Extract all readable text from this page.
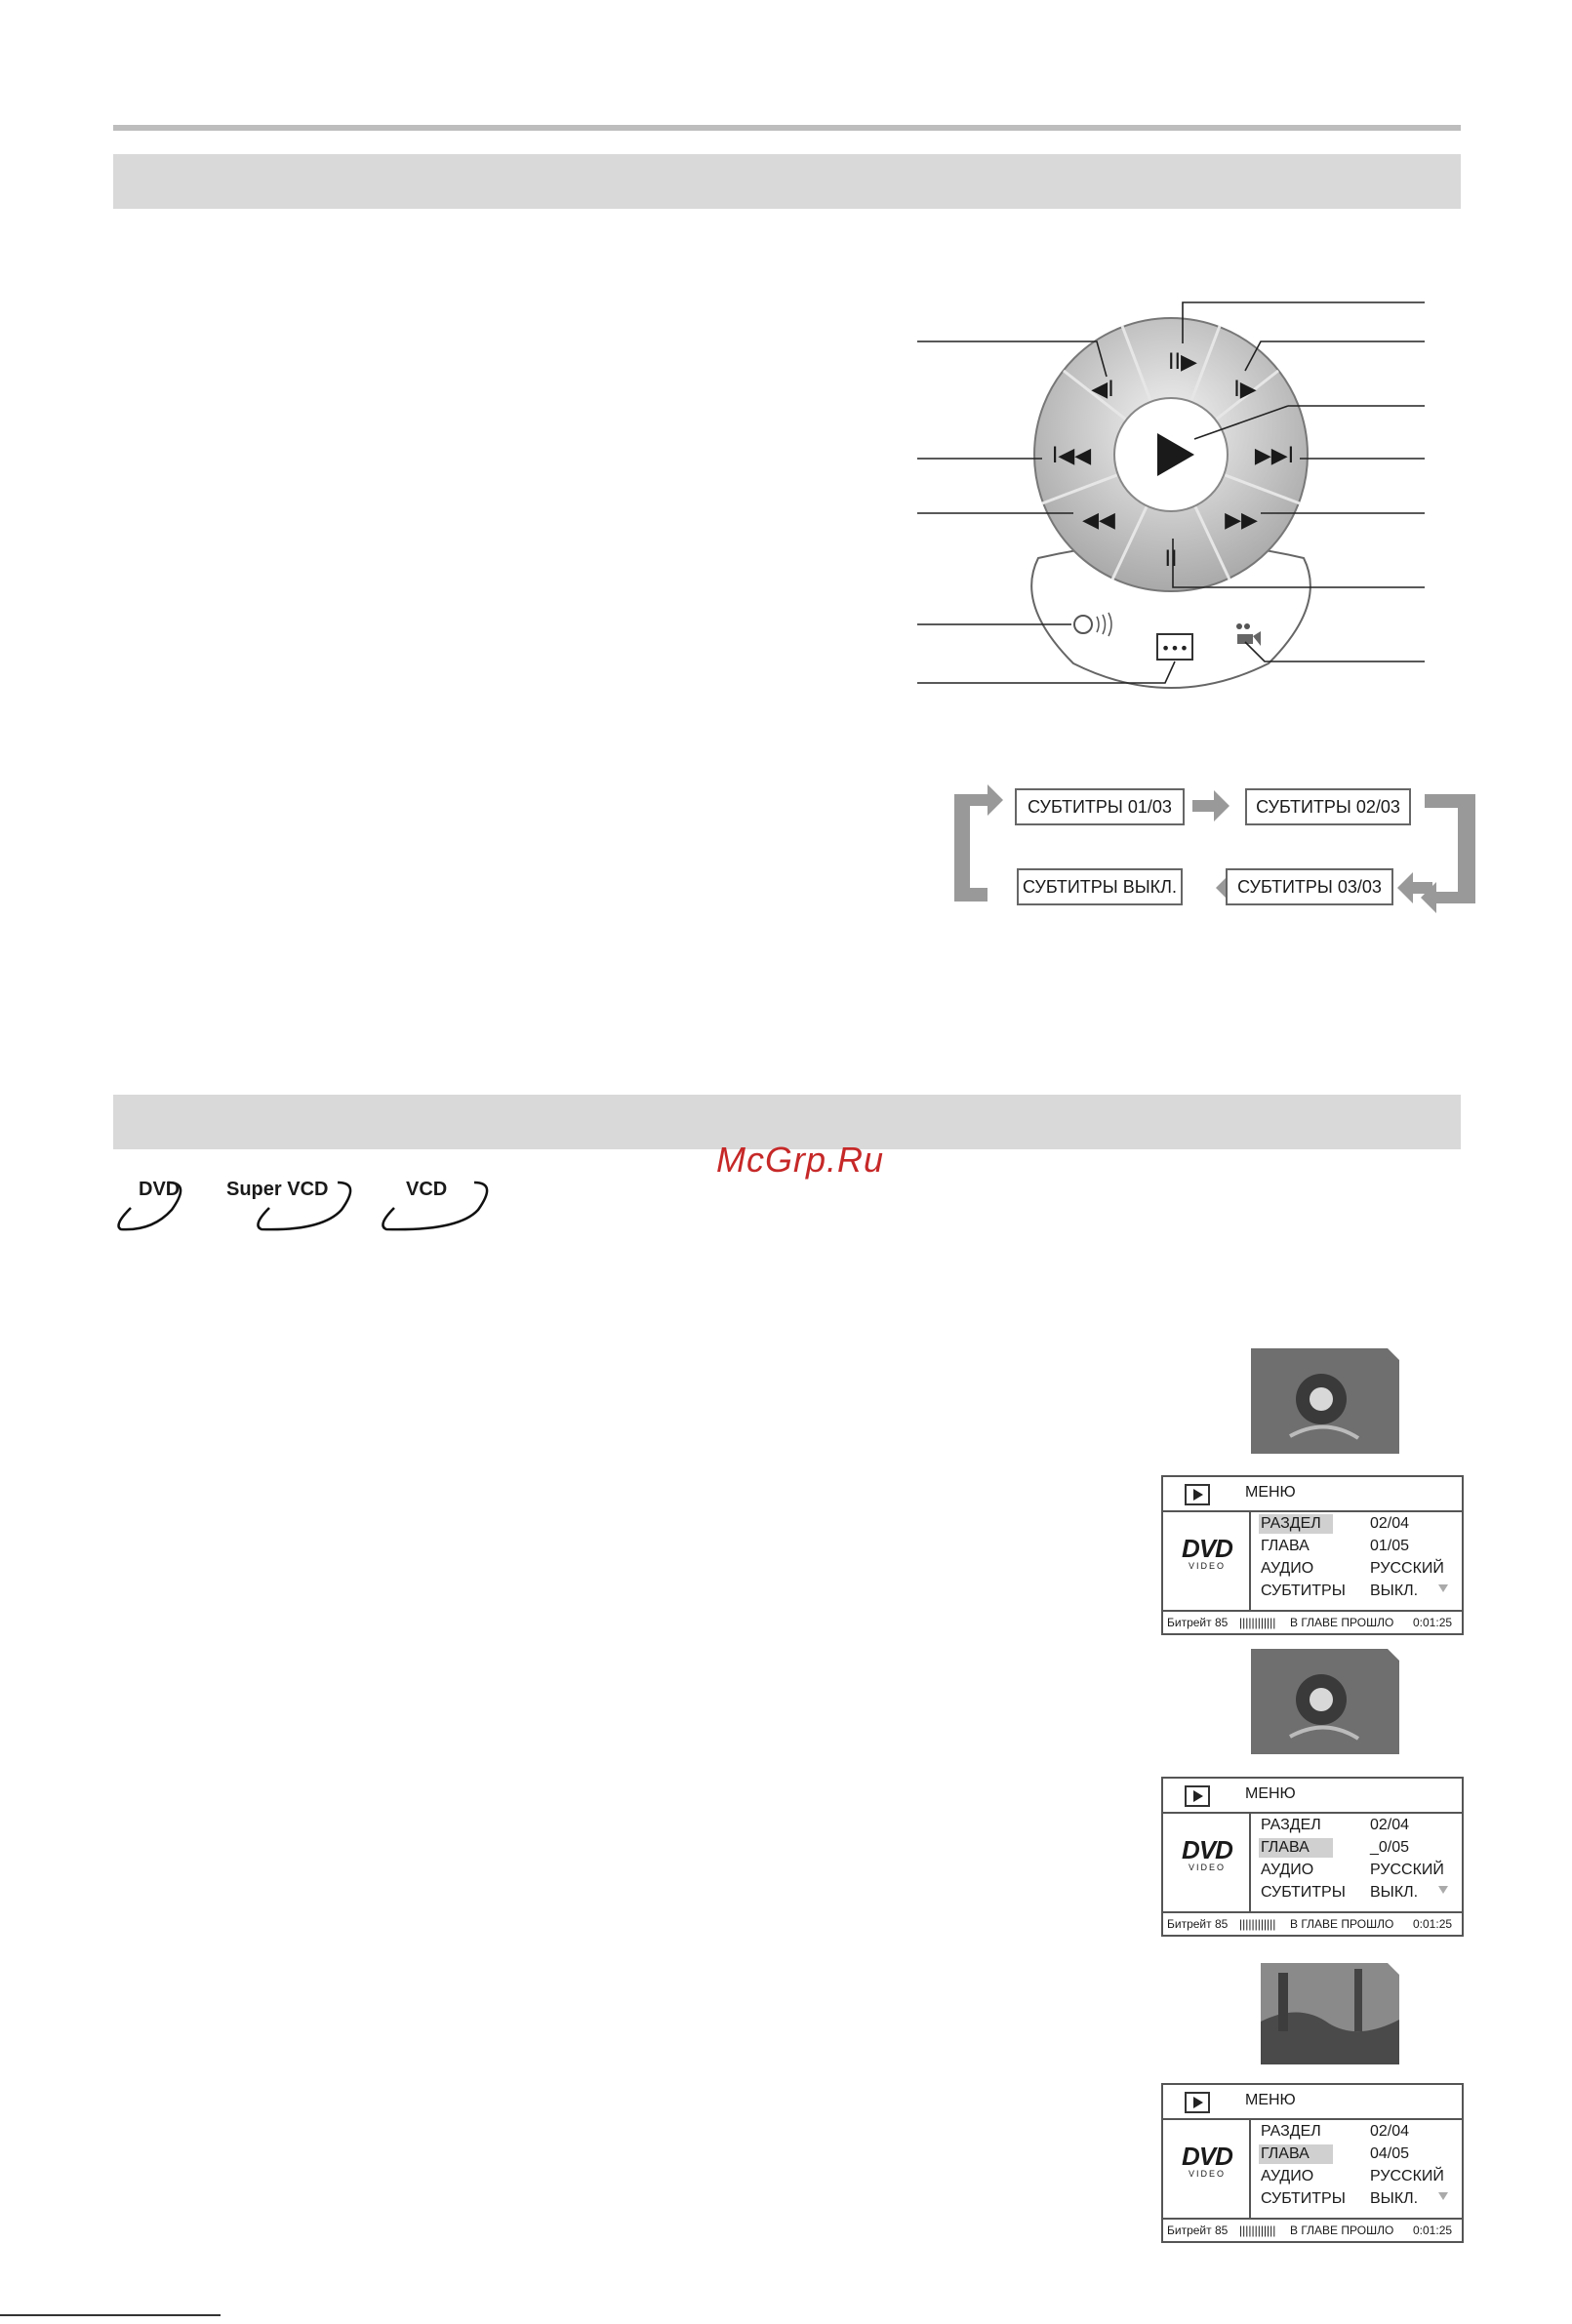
◀I
II▶
I▶
I◀◀	▶▶I
◀◀	▶▶
II
•••
СУБТИТРЫ 01/03	СУБТИТРЫ 02/03
СУБТИТРЫ ВЫКЛ.	СУБТИТРЫ 03/03
McGrp.Ru
DVD Super VCD	VCD
МЕНЮ
DVD
VIDEO
РАЗДЕЛ	02/04
ГЛАВА	01/05
АУДИО	РУССКИЙ
СУБТИТРЫ	ВЫКЛ.
Битрейт 85 |||||||||||| В ГЛАВЕ ПРОШЛО 0:01:25
МЕНЮ
DVD
VIDEO
РАЗДЕЛ	02/04
ГЛАВА	_0/05
АУДИО	РУССКИЙ
СУБТИТРЫ	ВЫКЛ.
Битрейт 85 |||||||||||| В ГЛАВЕ ПРОШЛО 0:01:25
МЕНЮ
DVD
VIDEO
РАЗДЕЛ	02/04
ГЛАВА	04/05
АУДИО	РУССКИЙ
СУБТИТРЫ	ВЫКЛ.
Битрейт 85 |||||||||||| В ГЛАВЕ ПРОШЛО 0:01:25
